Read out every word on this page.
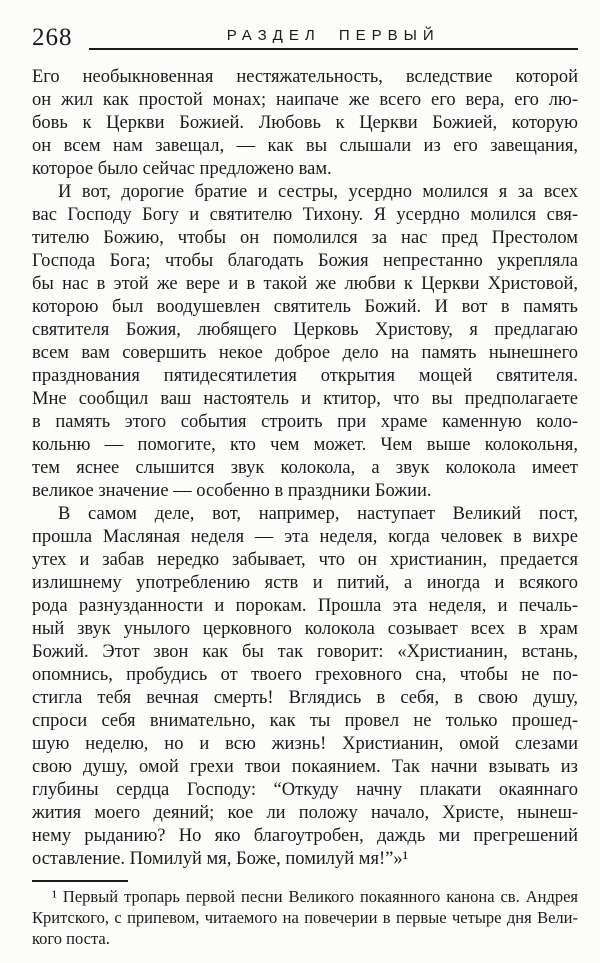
268	РАЗДЕЛ ПЕРВЫЙ
Его необыкновенная нестяжательность, вследствие которой
он жил как простой монах; наипаче же всего его вера, его лю-
бовь к Церкви Божией. Любовь к Церкви Божией, которую
он всем нам завещал, — как вы слышали из его завещания,
которое было сейчас предложено вам.
И вот, дорогие братие и сестры, усердно молился я за всех
вас Господу Богу и святителю Тихону. Я усердно молился свя-
тителю Божию, чтобы он помолился за нас пред Престолом
Господа Бога; чтобы благодать Божия непрестанно укрепляла
бы нас в этой же вере и в такой же любви к Церкви Христовой,
которою был воодушевлен святитель Божий. И вот в память
святителя Божия, любящего Церковь Христову, я предлагаю
всем вам совершить некое доброе дело на память нынешнего
празднования пятидесятилетия открытия мощей святителя.
Мне сообщил ваш настоятель и ктитор, что вы предполагаете
в память этого события строить при храме каменную коло-
кольню — помогите, кто чем может. Чем выше колокольня,
тем яснее слышится звук колокола, а звук колокола имеет
великое значение — особенно в праздники Божии.
В самом деле, вот, например, наступает Великий пост,
прошла Масляная неделя — эта неделя, когда человек в вихре
утех и забав нередко забывает, что он христианин, предается
излишнему употреблению яств и питий, а иногда и всякого
рода разнузданности и порокам. Прошла эта неделя, и печаль-
ный звук унылого церковного колокола созывает всех в храм
Божий. Этот звон как бы так говорит: «Христианин, встань,
опомнись, пробудись от твоего греховного сна, чтобы не по-
стигла тебя вечная смерть! Вглядись в себя, в свою душу,
спроси себя внимательно, как ты провел не только прошед-
шую неделю, но и всю жизнь! Христианин, омой слезами
свою душу, омой грехи твои покаянием. Так начни взывать из
глубины сердца Господу: “Откуду начну плакати окаяннаго
жития моего деяний; кое ли положу начало, Христе, нынеш-
нему рыданию? Но яко благоутробен, даждь ми прегрешений
оставление. Помилуй мя, Боже, помилуй мя!”»¹
¹ Первый тропарь первой песни Великого покаянного канона св. Андрея
Критского, с припевом, читаемого на повечерии в первые четыре дня Вели-
кого поста.
